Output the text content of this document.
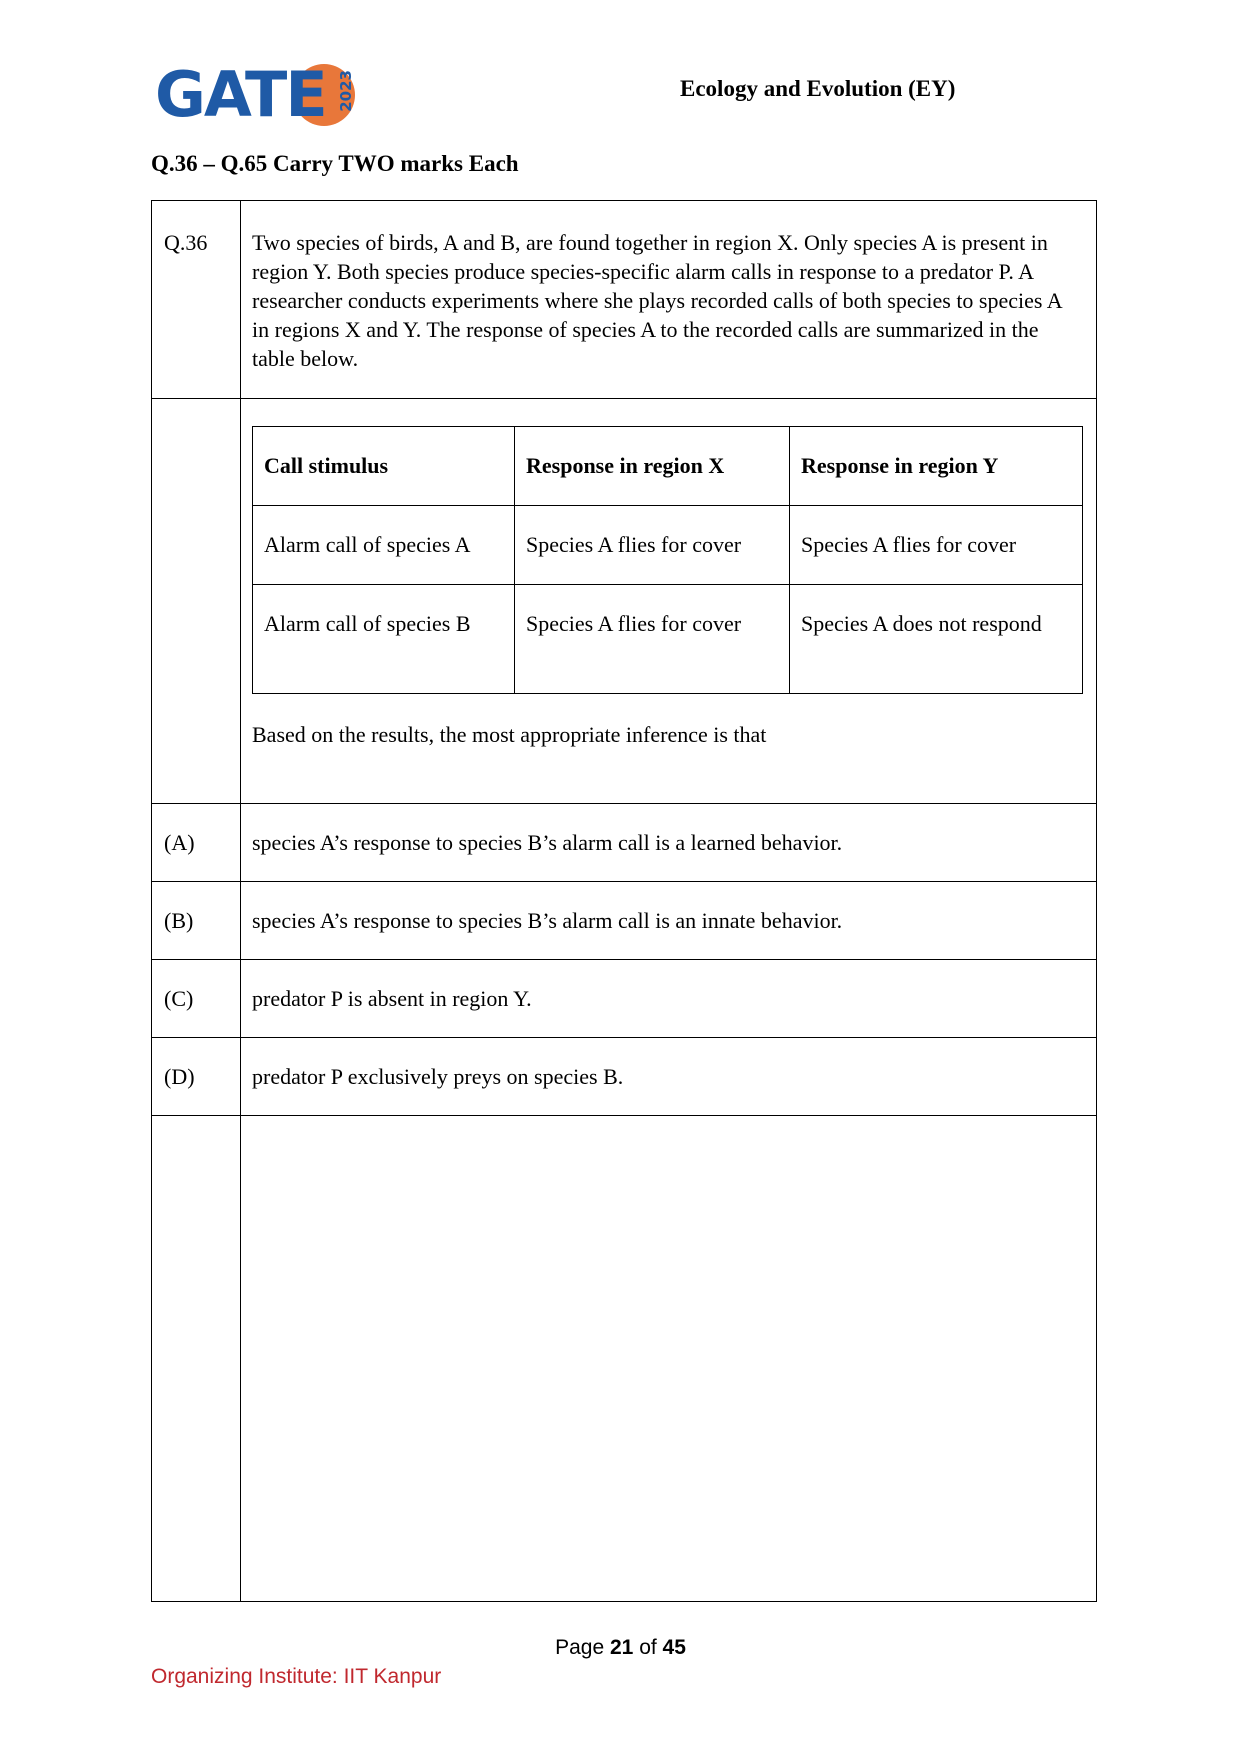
GATE 2023	Ecology and Evolution (EY)
Q.36 – Q.65 Carry TWO marks Each
Q.36	Two species of birds, A and B, are found together in region X. Only species A is present in region Y. Both species produce species-specific alarm calls in response to a predator P. A researcher conducts experiments where she plays recorded calls of both species to species A in regions X and Y. The response of species A to the recorded calls are summarized in the table below.

Call stimulus	Response in region X	Response in region Y
Alarm call of species A	Species A flies for cover	Species A flies for cover
Alarm call of species B	Species A flies for cover	Species A does not respond
Based on the results, the most appropriate inference is that

(A)	species A’s response to species B’s alarm call is a learned behavior.
(B)	species A’s response to species B’s alarm call is an innate behavior.
(C)	predator P is absent in region Y.
(D)	predator P exclusively preys on species B.

Page 21 of 45
Organizing Institute: IIT Kanpur
